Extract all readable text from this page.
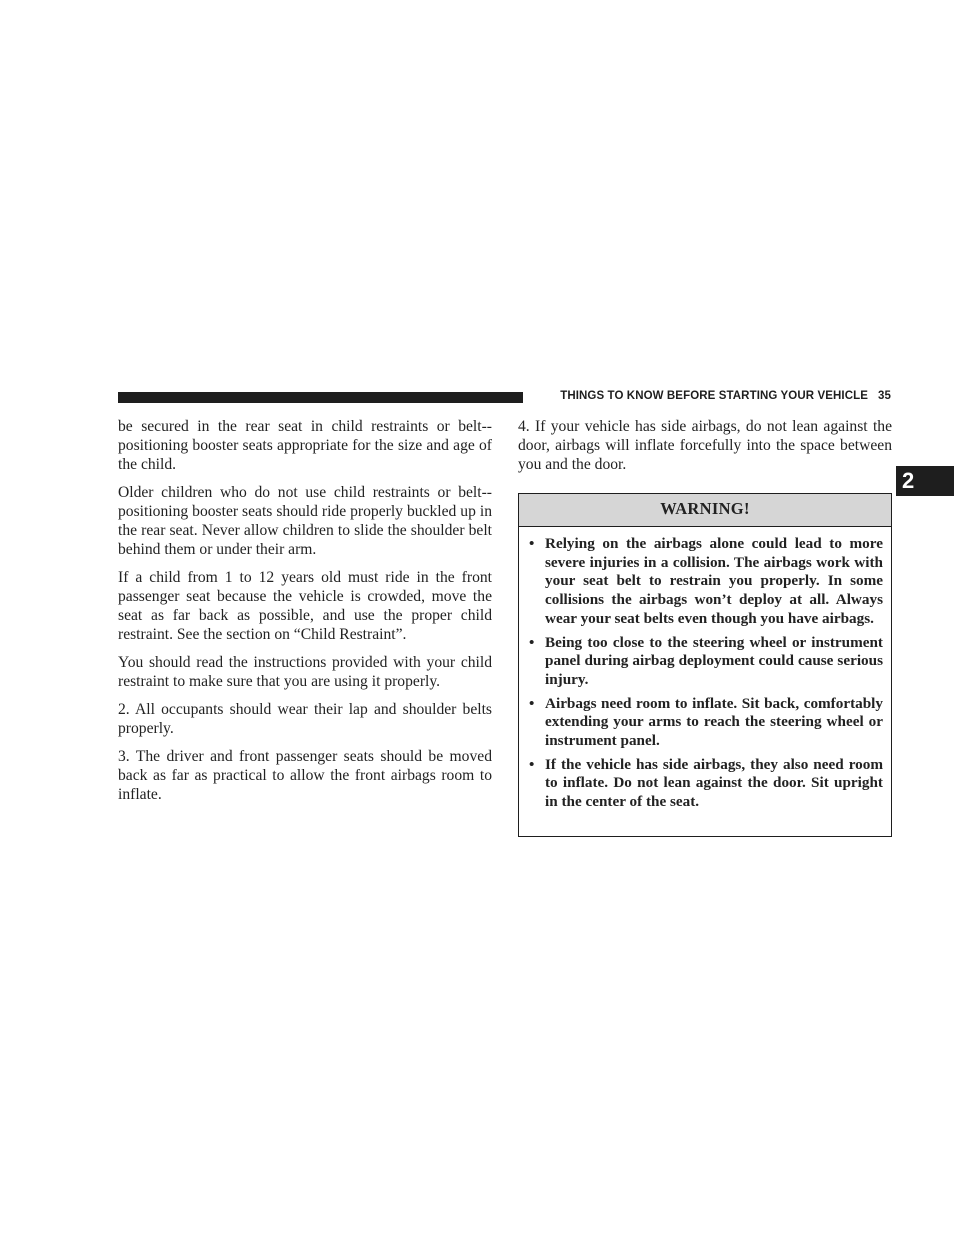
THINGS TO KNOW BEFORE STARTING YOUR VEHICLE 35
2

be secured in the rear seat in child restraints or belt-positioning booster seats appropriate for the size and age of the child.

Older children who do not use child restraints or belt-positioning booster seats should ride properly buckled up in the rear seat. Never allow children to slide the shoulder belt behind them or under their arm.

If a child from 1 to 12 years old must ride in the front passenger seat because the vehicle is crowded, move the seat as far back as possible, and use the proper child restraint. See the section on “Child Restraint”.

You should read the instructions provided with your child restraint to make sure that you are using it properly.

2. All occupants should wear their lap and shoulder belts properly.

3. The driver and front passenger seats should be moved back as far as practical to allow the front airbags room to inflate.

4. If your vehicle has side airbags, do not lean against the door, airbags will inflate forcefully into the space between you and the door.

WARNING!
• Relying on the airbags alone could lead to more severe injuries in a collision. The airbags work with your seat belt to restrain you properly. In some collisions the airbags won’t deploy at all. Always wear your seat belts even though you have airbags.
• Being too close to the steering wheel or instrument panel during airbag deployment could cause serious injury.
• Airbags need room to inflate. Sit back, comfortably extending your arms to reach the steering wheel or instrument panel.
• If the vehicle has side airbags, they also need room to inflate. Do not lean against the door. Sit upright in the center of the seat.
